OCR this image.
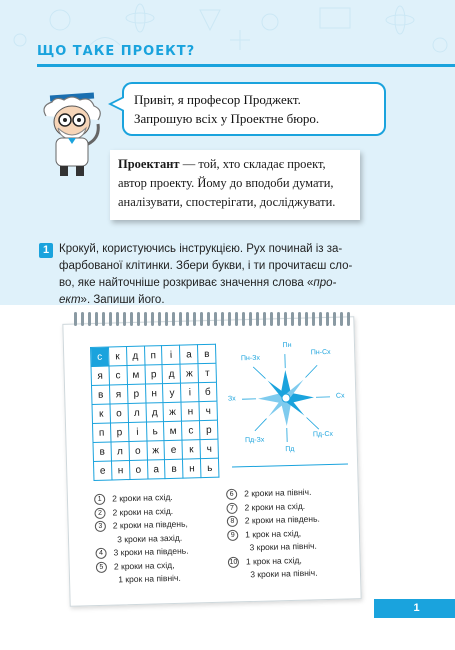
ЩО ТАКЕ ПРОЕКТ?
Привіт, я професор Проджект.
Запрошую всіх у Проектне бюро.
Проектант — той, хто складає проект,
автор проекту. Йому до вподоби думати,
аналізувати, спостерігати, досліджувати.
1 Крокуй, користуючись інструкцією. Рух починай із за-
фарбованої клітинки. Збери букви, і ти прочитаєш сло-
во, яке найточніше розкриває значення слова «про-
ект». Запиши його.
с	к	д	п	і	а	в
я	с	м	р	д	ж	т
в	я	р	н	у	і	б
к	о	л	д	ж	н	ч
п	р	і	ь	м	с	р
в	л	о	ж	е	к	ч
е	н	о	а	в	н	ь
Пн
Пд
Сх
Зх
Пн-Зх
Пн-Сх
Пд-Зх
Пд-Сх
1	2 кроки на схід.
2	2 кроки на схід.
3	2 кроки на південь,
3 кроки на захід.
4	3 кроки на південь.
5	2 кроки на схід,
1 крок на північ.
6	2 кроки на північ.
7	2 кроки на схід.
8	2 кроки на південь.
9	1 крок на схід,
3 кроки на північ.
10 1 крок на схід,
3 кроки на північ.
1
